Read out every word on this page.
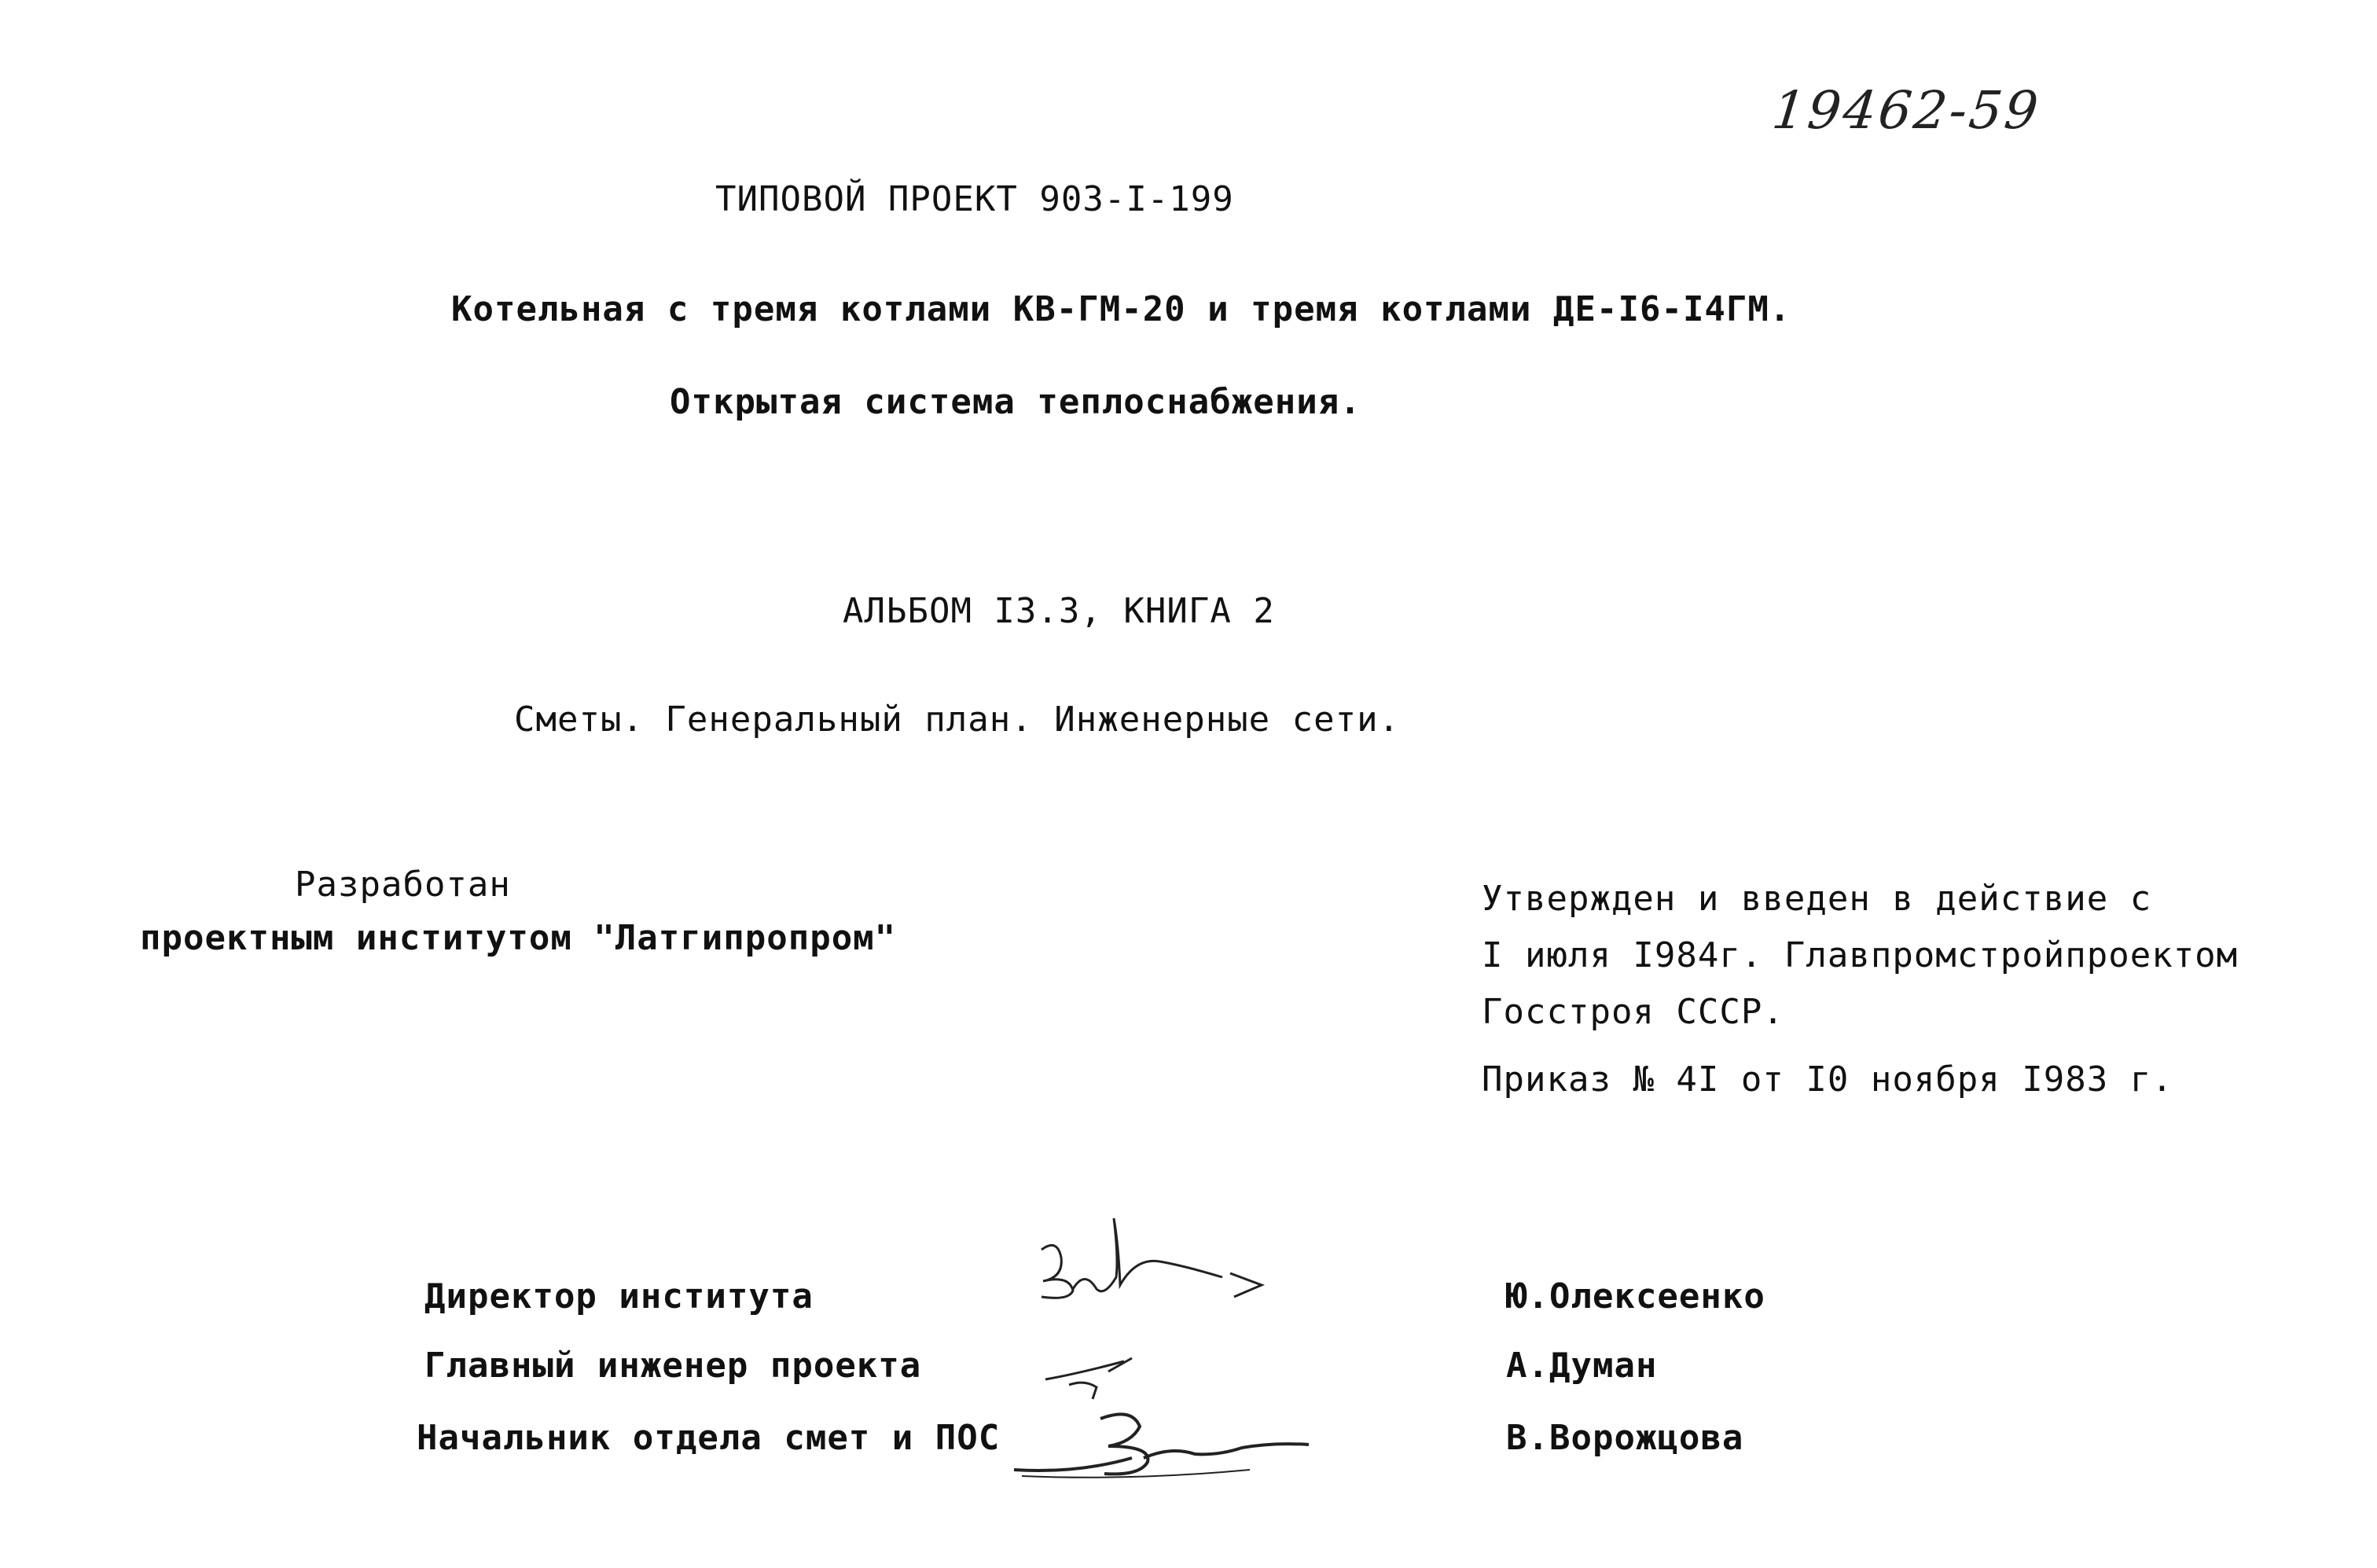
19462-59
ТИПОВОЙ ПРОЕКТ 903-I-199
Котельная с тремя котлами КВ-ГМ-20 и тремя котлами ДЕ-I6-I4ГМ.
Открытая система теплоснабжения.
АЛЬБОМ I3.3, КНИГА 2
Сметы. Генеральный план. Инженерные сети.
Разработан
проектным институтом "Латгипропром"
Утвержден и введен в действие с
I июля I984г. Главпромстройпроектом
Госстроя СССР.
Приказ № 4I от I0 ноября I983 г.
Директор института
Главный инженер проекта
Начальник отдела смет и ПОС
Ю.Олексеенко
А.Думан
В.Ворожцова
